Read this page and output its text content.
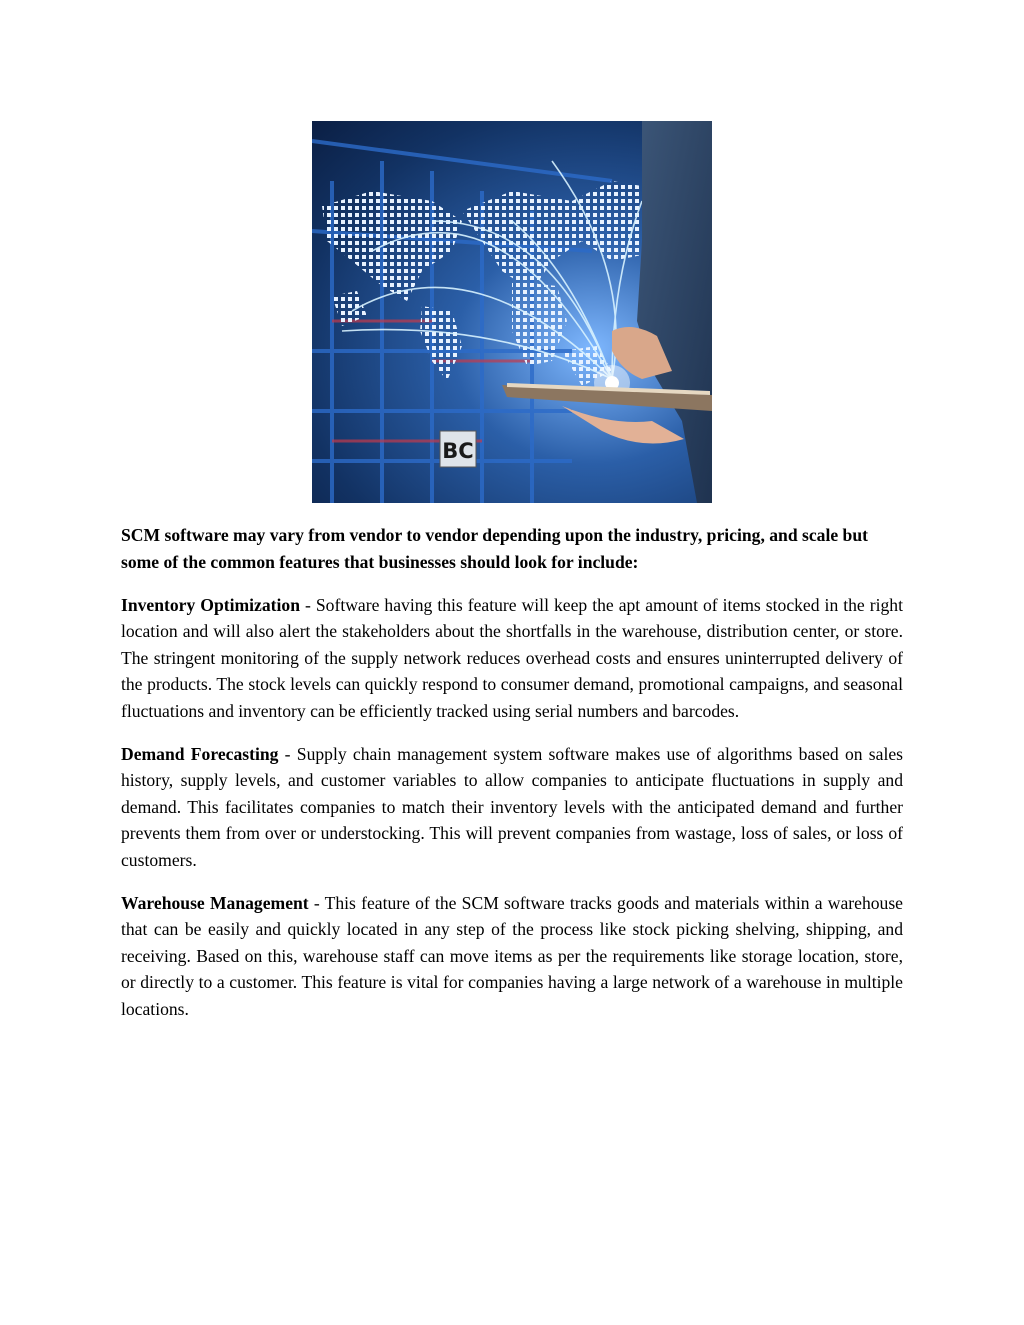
BC

SCM software may vary from vendor to vendor depending upon the industry, pricing, and scale but some of the common features that businesses should look for include:

Inventory Optimization - Software having this feature will keep the apt amount of items stocked in the right location and will also alert the stakeholders about the shortfalls in the warehouse, distribution center, or store. The stringent monitoring of the supply network reduces overhead costs and ensures uninterrupted delivery of the products. The stock levels can quickly respond to consumer demand, promotional campaigns, and seasonal fluctuations and inventory can be efficiently tracked using serial numbers and barcodes.

Demand Forecasting - Supply chain management system software makes use of algorithms based on sales history, supply levels, and customer variables to allow companies to anticipate fluctuations in supply and demand. This facilitates companies to match their inventory levels with the anticipated demand and further prevents them from over or understocking. This will prevent companies from wastage, loss of sales, or loss of customers.

Warehouse Management - This feature of the SCM software tracks goods and materials within a warehouse that can be easily and quickly located in any step of the process like stock picking shelving, shipping, and receiving. Based on this, warehouse staff can move items as per the requirements like storage location, store, or directly to a customer. This feature is vital for companies having a large network of a warehouse in multiple locations.
